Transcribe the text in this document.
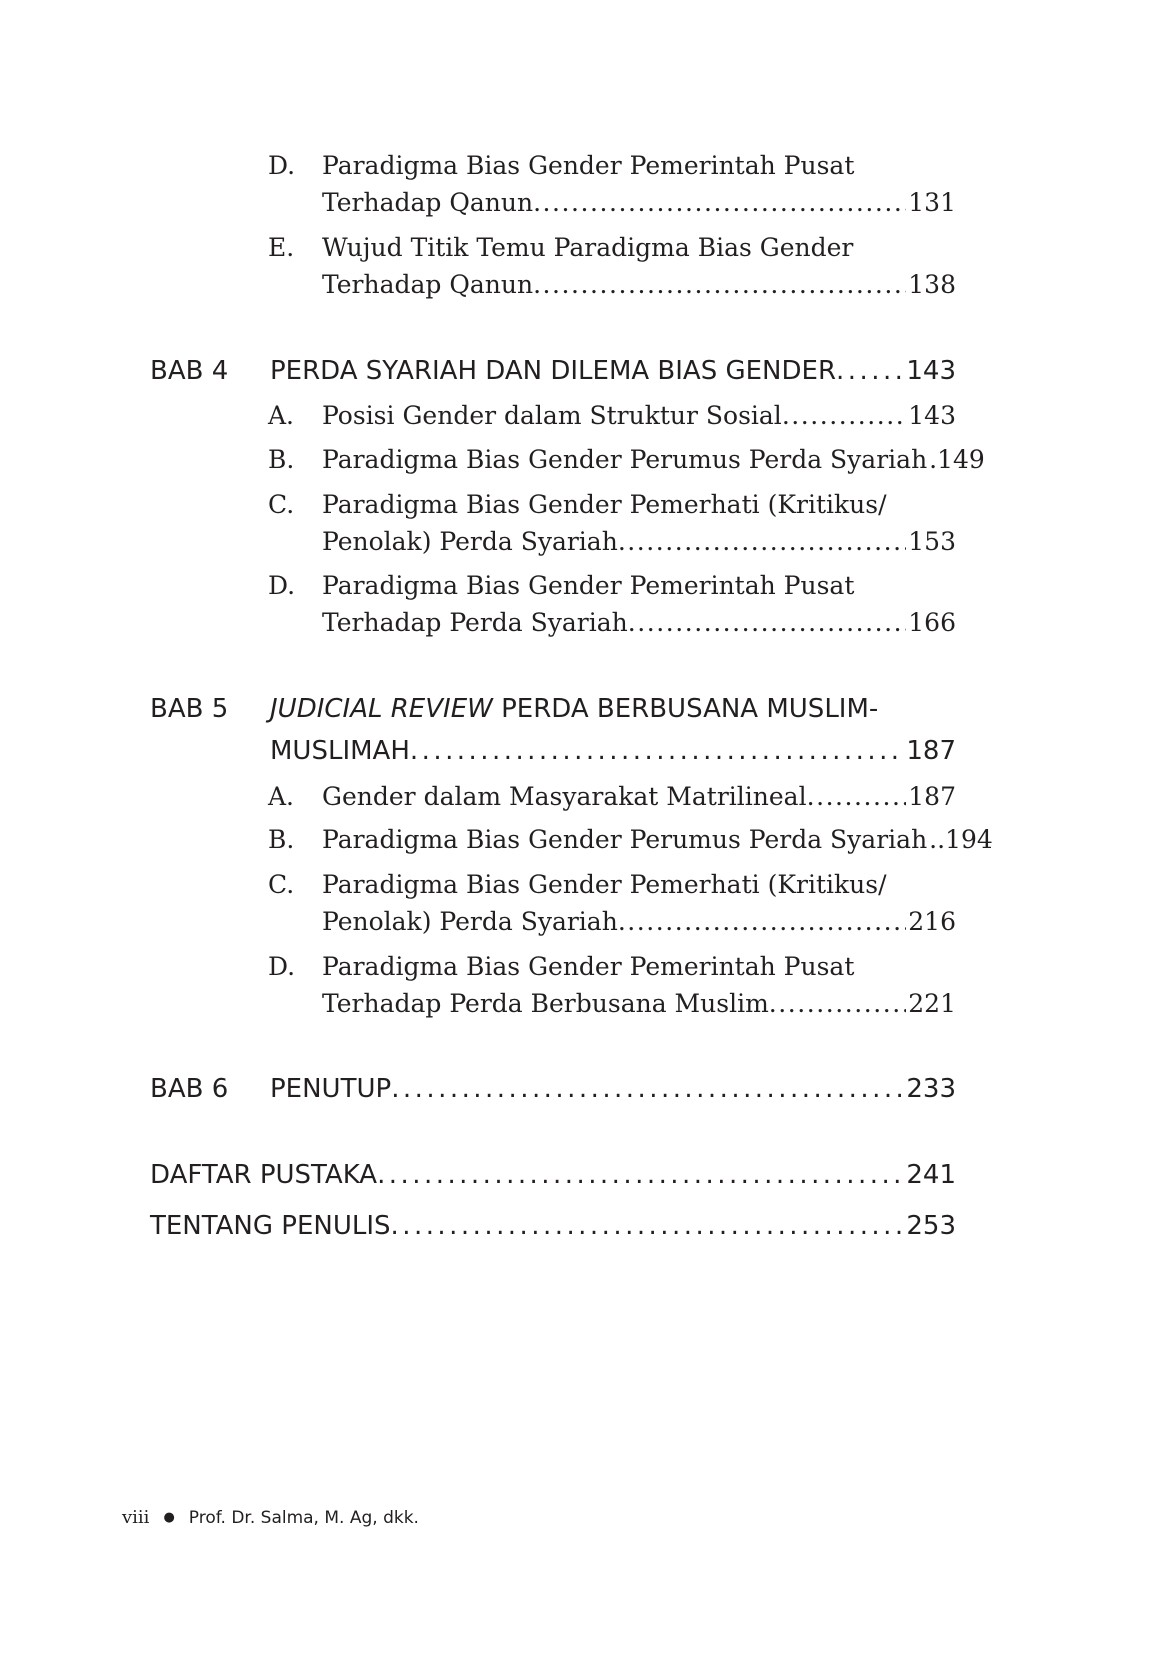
D. Paradigma Bias Gender Pemerintah Pusat
Terhadap Qanun . . .	131
E. Wujud Titik Temu Paradigma Bias Gender
Terhadap Qanun . . .	138
BAB 4 PERDA SYARIAH DAN DILEMA BIAS GENDER . . .	143
A. Posisi Gender dalam Struktur Sosial . . .	143
B. Paradigma Bias Gender Perumus Perda Syariah .149
C. Paradigma Bias Gender Pemerhati (Kritikus/
Penolak) Perda Syariah . . .	153
D. Paradigma Bias Gender Pemerintah Pusat
Terhadap Perda Syariah . . .	166
BAB 5 JUDICIAL REVIEW PERDA BERBUSANA MUSLIM-
MUSLIMAH . . .	187
A. Gender dalam Masyarakat Matrilineal . . .	187
B. Paradigma Bias Gender Perumus Perda Syariah ..194
C. Paradigma Bias Gender Pemerhati (Kritikus/
Penolak) Perda Syariah . . .	216
D. Paradigma Bias Gender Pemerintah Pusat
Terhadap Perda Berbusana Muslim . . .	221
BAB 6 PENUTUP . . .	233
DAFTAR PUSTAKA . . .	241
TENTANG PENULIS . . .	253
viii ● Prof. Dr. Salma, M. Ag, dkk.
